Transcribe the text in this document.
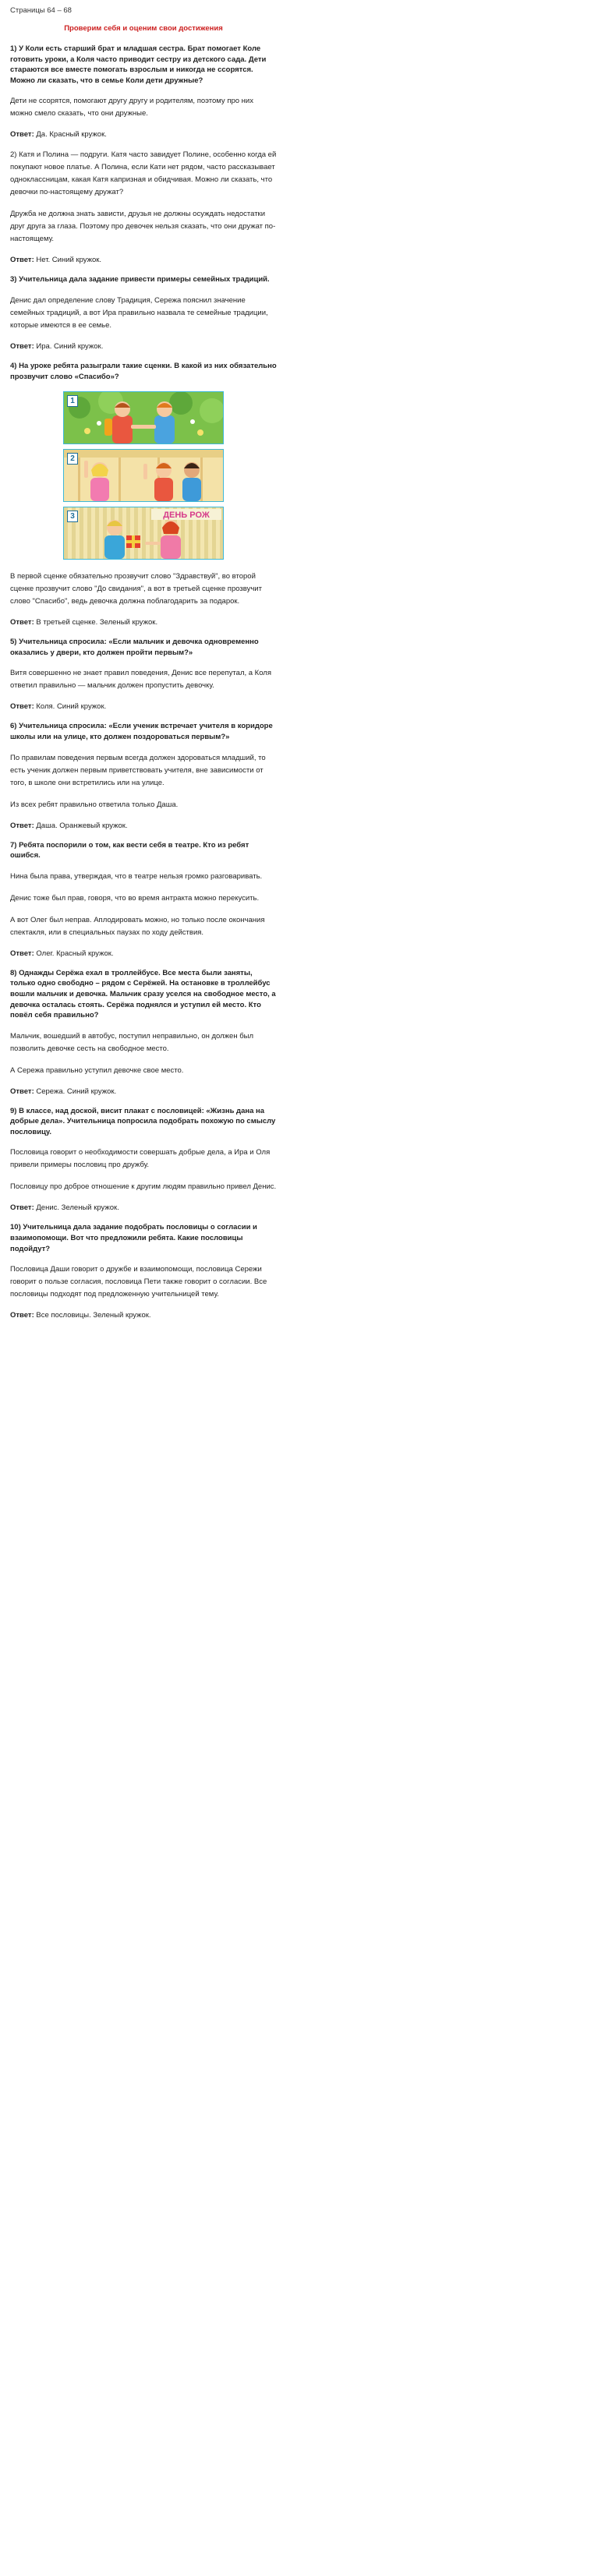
Страницы 64 – 68
Проверим себя и оценим свои достижения
1) У Коли есть старший брат и младшая сестра. Брат помогает Коле готовить уроки, а Коля часто приводит сестру из детского сада. Дети стараются все вместе помогать взрослым и никогда не ссорятся. Можно ли сказать, что в семье Коли дети дружные?
Дети не ссорятся, помогают другу другу и родителям, поэтому про них можно смело сказать, что они дружные.
Ответ: Да. Красный кружок.
2) Катя и Полина — подруги. Катя часто завидует Полине, особенно когда ей покупают новое платье. А Полина, если Кати нет рядом, часто рассказывает одноклассницам, какая Катя капризная и обидчивая. Можно ли сказать, что девочки по-настоящему дружат?
Дружба не должна знать зависти, друзья не должны осуждать недостатки друг друга за глаза. Поэтому про девочек нельзя сказать, что они дружат по-настоящему.
Ответ: Нет. Синий кружок.
3) Учительница дала задание привести примеры семейных традиций.
Денис дал определение слову Традиция, Сережа пояснил значение семейных традиций, а вот Ира правильно назвала те семейные традиции, которые имеются в ее семье.
Ответ: Ира. Синий кружок.
4) На уроке ребята разыграли такие сценки. В какой из них обязательно прозвучит слово «Спасибо»?
1
2
ДЕНЬ РОЖ
3
В первой сценке обязательно прозвучит слово "Здравствуй", во второй сценке прозвучит слово "До свидания", а вот в третьей сценке прозвучит слово "Спасибо", ведь девочка должна поблагодарить за подарок.
Ответ: В третьей сценке. Зеленый кружок.
5) Учительница спросила: «Если мальчик и девочка одновременно оказались у двери, кто должен пройти первым?»
Витя совершенно не знает правил поведения, Денис все перепутал, а Коля ответил правильно — мальчик должен пропустить девочку.
Ответ: Коля. Синий кружок.
6) Учительница спросила: «Если ученик встречает учителя в коридоре школы или на улице, кто должен поздороваться первым?»
По правилам поведения первым всегда должен здороваться младший, то есть ученик должен первым приветствовать учителя, вне зависимости от того, в школе они встретились или на улице.
Из всех ребят правильно ответила только Даша.
Ответ: Даша. Оранжевый кружок.
7) Ребята поспорили о том, как вести себя в театре. Кто из ребят ошибся.
Нина была права, утверждая, что в театре нельзя громко разговаривать.
Денис тоже был прав, говоря, что во время антракта можно перекусить.
А вот Олег был неправ. Аплодировать можно, но только после окончания спектакля, или в специальных паузах по ходу действия.
Ответ: Олег. Красный кружок.
8) Однажды Серёжа ехал в троллейбусе. Все места были заняты, только одно свободно – рядом с Серёжей. На остановке в троллейбус вошли мальчик и девочка. Мальчик сразу уселся на свободное место, а девочка осталась стоять. Серёжа поднялся и уступил ей место. Кто повёл себя правильно?
Мальчик, вошедший в автобус, поступил неправильно, он должен был позволить девочке сесть на свободное место.
А Сережа правильно уступил девочке свое место.
Ответ: Сережа. Синий кружок.
9) В классе, над доской, висит плакат с пословицей: «Жизнь дана на добрые дела». Учительница попросила подобрать похожую по смыслу пословицу.
Пословица говорит о необходимости совершать добрые дела, а Ира и Оля привели примеры пословиц про дружбу.
Пословицу про доброе отношение к другим людям правильно привел Денис.
Ответ: Денис. Зеленый кружок.
10) Учительница дала задание подобрать пословицы о согласии и взаимопомощи. Вот что предложили ребята. Какие пословицы подойдут?
Пословица Даши говорит о дружбе и взаимопомощи, пословица Сережи говорит о пользе согласия, пословица Пети также говорит о согласии. Все пословицы подходят под предложенную учительницей тему.
Ответ: Все пословицы. Зеленый кружок.
